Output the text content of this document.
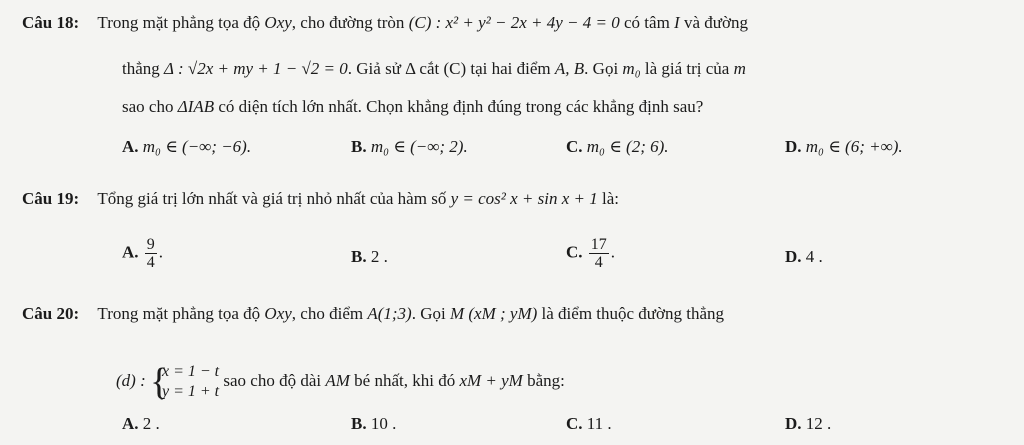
Câu 18: Trong mặt phẳng tọa độ Oxy, cho đường tròn (C) : x² + y² − 2x + 4y − 4 = 0 có tâm I và đường
thẳng Δ : √2x + my + 1 − √2 = 0. Giả sử Δ cắt (C) tại hai điểm A, B. Gọi m₀ là giá trị của m
sao cho ΔIAB có diện tích lớn nhất. Chọn khẳng định đúng trong các khẳng định sau?
A. m₀ ∈ (−∞; −6).	B. m₀ ∈ (−∞; 2).	C. m₀ ∈ (2; 6).	D. m₀ ∈ (6; +∞).
Câu 19: Tổng giá trị lớn nhất và giá trị nhỏ nhất của hàm số y = cos² x + sin x + 1 là:
A. $\frac{9}{4}$ .	B. 2 .	C. $\frac{17}{4}$ .	D. 4 .
Câu 20: Trong mặt phẳng tọa độ Oxy, cho điểm A(1;3). Gọi M (xM ; yM) là điểm thuộc đường thẳng
(d) : {
x = 1 − t
y = 1 + t
sao cho độ dài AM bé nhất, khi đó xM + yM bằng:
A. 2 .	B. 10 .	C. 11 .	D. 12 .
